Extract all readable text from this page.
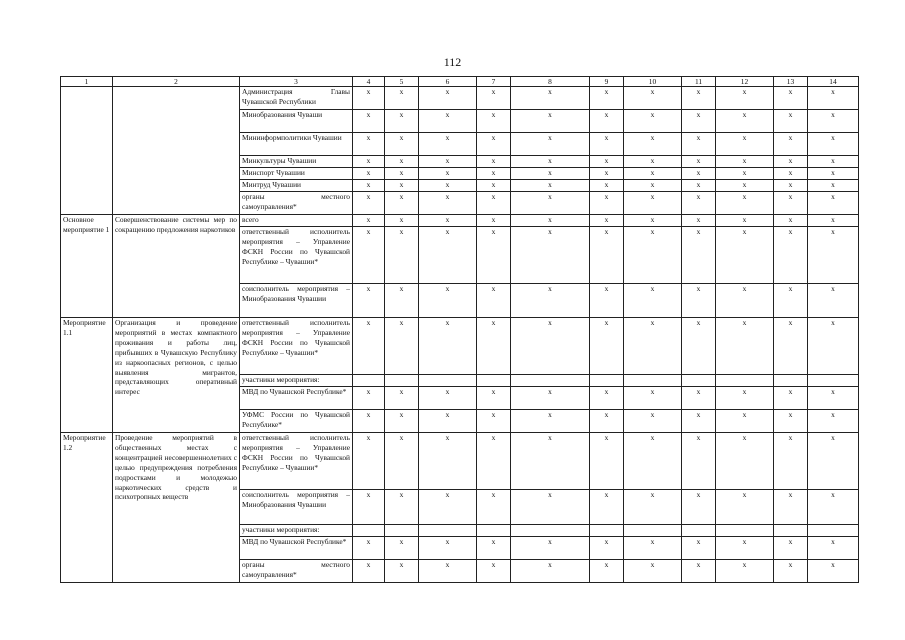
112
1	2	3	4	5	6	7	8	9	10	11	12	13	14
		Администрация Главы Чувашской Республики	x	x	x	x	x	x	x	x	x	x	x
		Минобразования Чуваши	x	x	x	x	x	x	x	x	x	x	x
		Мининформполитики Чувашии	x	x	x	x	x	x	x	x	x	x	x
		Минкультуры Чувашии	x	x	x	x	x	x	x	x	x	x	x
		Минспорт Чувашии	x	x	x	x	x	x	x	x	x	x	x
		Минтруд Чувашии	x	x	x	x	x	x	x	x	x	x	x
		органы местного самоуправления*	x	x	x	x	x	x	x	x	x	x	x
Основное мероприятие 1	Совершенствование системы мер по сокращению предложения наркотиков	всего	x	x	x	x	x	x	x	x	x	x	x
		ответственный исполнитель мероприятия – Управление ФСКН России по Чувашской Республике – Чувашии*	x	x	x	x	x	x	x	x	x	x	x
		соисполнитель мероприятия – Минобразования Чувашии	x	x	x	x	x	x	x	x	x	x	x
Мероприятие 1.1	Организация и проведение мероприятий в местах компактного проживания и работы лиц, прибывших в Чувашскую Республику из наркоопасных регионов, с целью выявления мигрантов, представляющих оперативный интерес	ответственный исполнитель мероприятия – Управление ФСКН России по Чувашской Республике – Чувашии*	x	x	x	x	x	x	x	x	x	x	x
		участники мероприятия:											
		МВД по Чувашской Республике*	x	x	x	x	x	x	x	x	x	x	x
		УФМС России по Чувашской Республике*	x	x	x	x	x	x	x	x	x	x	x
Мероприятие 1.2	Проведение мероприятий в общественных местах с концентрацией несовершеннолетних с целью предупреждения потребления подростками и молодежью наркотических средств и психотропных веществ	ответственный исполнитель мероприятия – Управление ФСКН России по Чувашской Республике – Чувашии*	x	x	x	x	x	x	x	x	x	x	x
		соисполнитель мероприятия – Минобразования Чувашии	x	x	x	x	x	x	x	x	x	x	x
		участники мероприятия:											
		МВД по Чувашской Республике*	x	x	x	x	x	x	x	x	x	x	x
		органы местного самоуправления*	x	x	x	x	x	x	x	x	x	x	x
